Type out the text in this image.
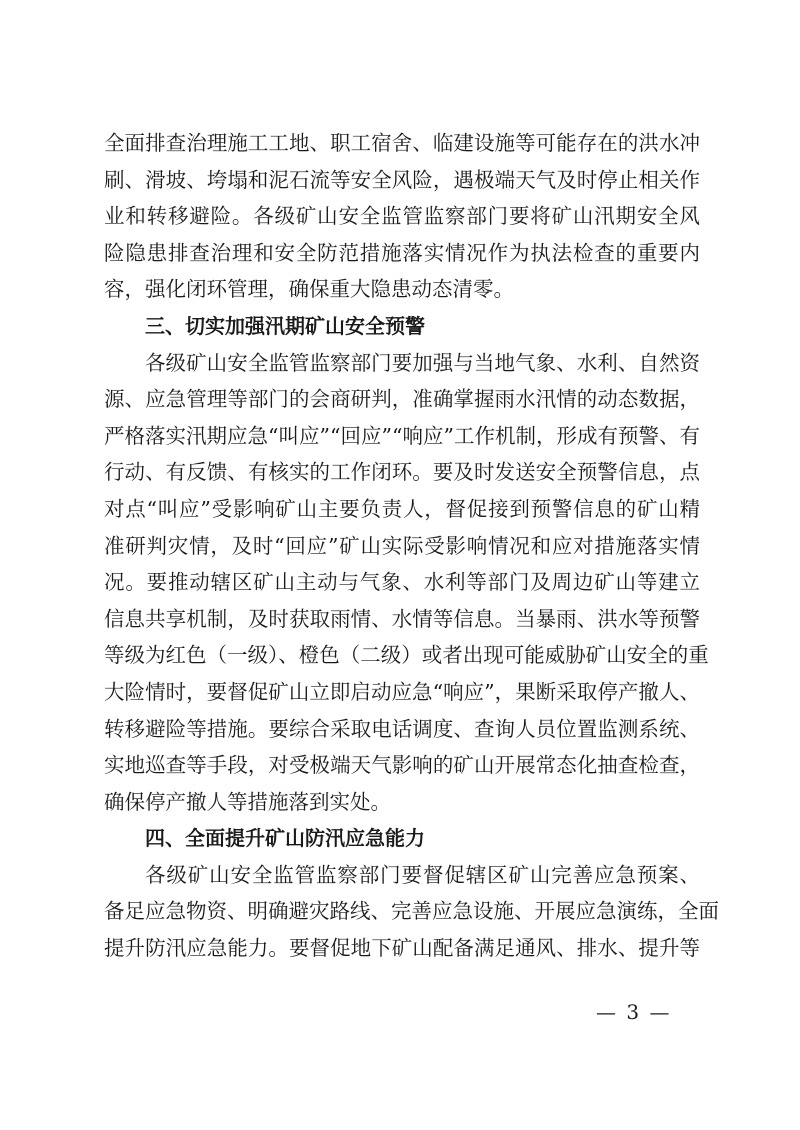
全面排查治理施工工地、职工宿舍、临建设施等可能存在的洪水冲
刷、滑坡、垮塌和泥石流等安全风险，遇极端天气及时停止相关作
业和转移避险。各级矿山安全监管监察部门要将矿山汛期安全风
险隐患排查治理和安全防范措施落实情况作为执法检查的重要内
容，强化闭环管理，确保重大隐患动态清零。
三、切实加强汛期矿山安全预警
各级矿山安全监管监察部门要加强与当地气象、水利、自然资
源、应急管理等部门的会商研判，准确掌握雨水汛情的动态数据，
严格落实汛期应急“叫应”“回应”“响应”工作机制，形成有预警、有
行动、有反馈、有核实的工作闭环。要及时发送安全预警信息，点
对点“叫应”受影响矿山主要负责人，督促接到预警信息的矿山精
准研判灾情，及时“回应”矿山实际受影响情况和应对措施落实情
况。要推动辖区矿山主动与气象、水利等部门及周边矿山等建立
信息共享机制，及时获取雨情、水情等信息。当暴雨、洪水等预警
等级为红色（一级）、橙色（二级）或者出现可能威胁矿山安全的重
大险情时，要督促矿山立即启动应急“响应”，果断采取停产撤人、
转移避险等措施。要综合采取电话调度、查询人员位置监测系统、
实地巡查等手段，对受极端天气影响的矿山开展常态化抽查检查，
确保停产撤人等措施落到实处。
四、全面提升矿山防汛应急能力
各级矿山安全监管监察部门要督促辖区矿山完善应急预案、
备足应急物资、明确避灾路线、完善应急设施、开展应急演练，全面
提升防汛应急能力。要督促地下矿山配备满足通风、排水、提升等
— 3 —
